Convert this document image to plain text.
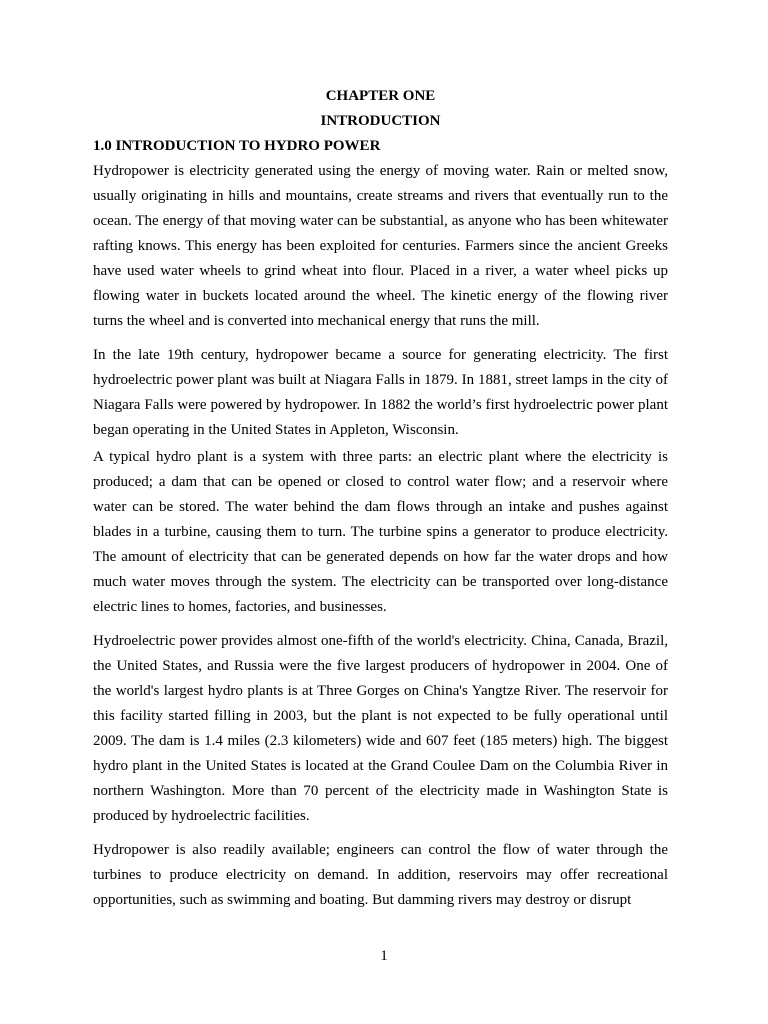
CHAPTER ONE

INTRODUCTION

1.0 INTRODUCTION TO HYDRO POWER

Hydropower is electricity generated using the energy of moving water. Rain or melted snow, usually originating in hills and mountains, create streams and rivers that eventually run to the ocean. The energy of that moving water can be substantial, as anyone who has been whitewater rafting knows. This energy has been exploited for centuries. Farmers since the ancient Greeks have used water wheels to grind wheat into flour. Placed in a river, a water wheel picks up flowing water in buckets located around the wheel. The kinetic energy of the flowing river turns the wheel and is converted into mechanical energy that runs the mill.

In the late 19th century, hydropower became a source for generating electricity. The first hydroelectric power plant was built at Niagara Falls in 1879. In 1881, street lamps in the city of Niagara Falls were powered by hydropower. In 1882 the world’s first hydroelectric power plant began operating in the United States in Appleton, Wisconsin.

A typical hydro plant is a system with three parts: an electric plant where the electricity is produced; a dam that can be opened or closed to control water flow; and a reservoir where water can be stored. The water behind the dam flows through an intake and pushes against blades in a turbine, causing them to turn. The turbine spins a generator to produce electricity. The amount of electricity that can be generated depends on how far the water drops and how much water moves through the system. The electricity can be transported over long-distance electric lines to homes, factories, and businesses.

Hydroelectric power provides almost one-fifth of the world's electricity. China, Canada, Brazil, the United States, and Russia were the five largest producers of hydropower in 2004. One of the world's largest hydro plants is at Three Gorges on China's Yangtze River. The reservoir for this facility started filling in 2003, but the plant is not expected to be fully operational until 2009. The dam is 1.4 miles (2.3 kilometers) wide and 607 feet (185 meters) high. The biggest hydro plant in the United States is located at the Grand Coulee Dam on the Columbia River in northern Washington. More than 70 percent of the electricity made in Washington State is produced by hydroelectric facilities.

Hydropower is also readily available; engineers can control the flow of water through the turbines to produce electricity on demand. In addition, reservoirs may offer recreational opportunities, such as swimming and boating. But damming rivers may destroy or disrupt

1
